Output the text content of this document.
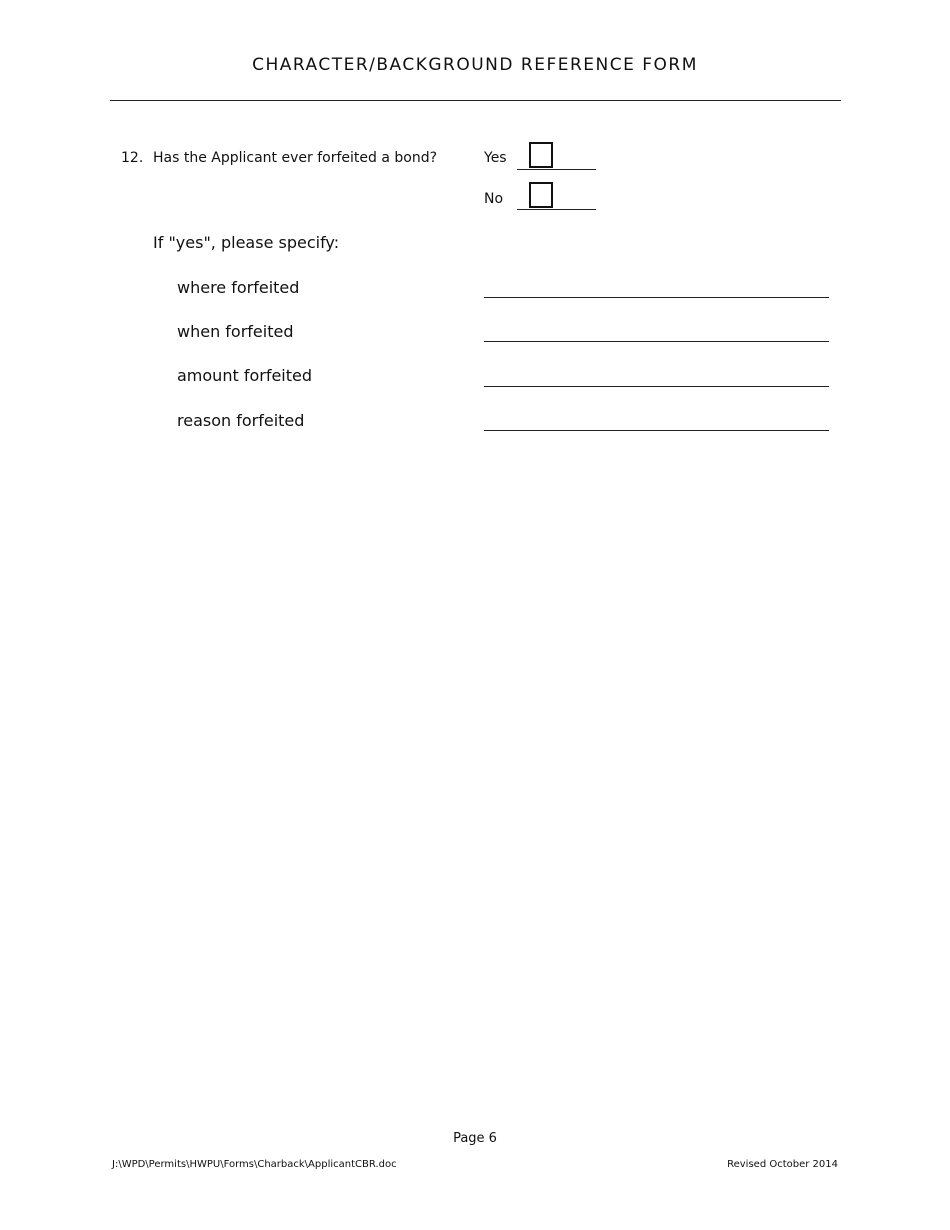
CHARACTER/BACKGROUND REFERENCE FORM
12. Has the Applicant ever forfeited a bond?	Yes
No
If "yes", please specify:
where forfeited
when forfeited
amount forfeited
reason forfeited
Page 6
J:\WPD\Permits\HWPU\Forms\Charback\ApplicantCBR.doc	Revised October 2014
